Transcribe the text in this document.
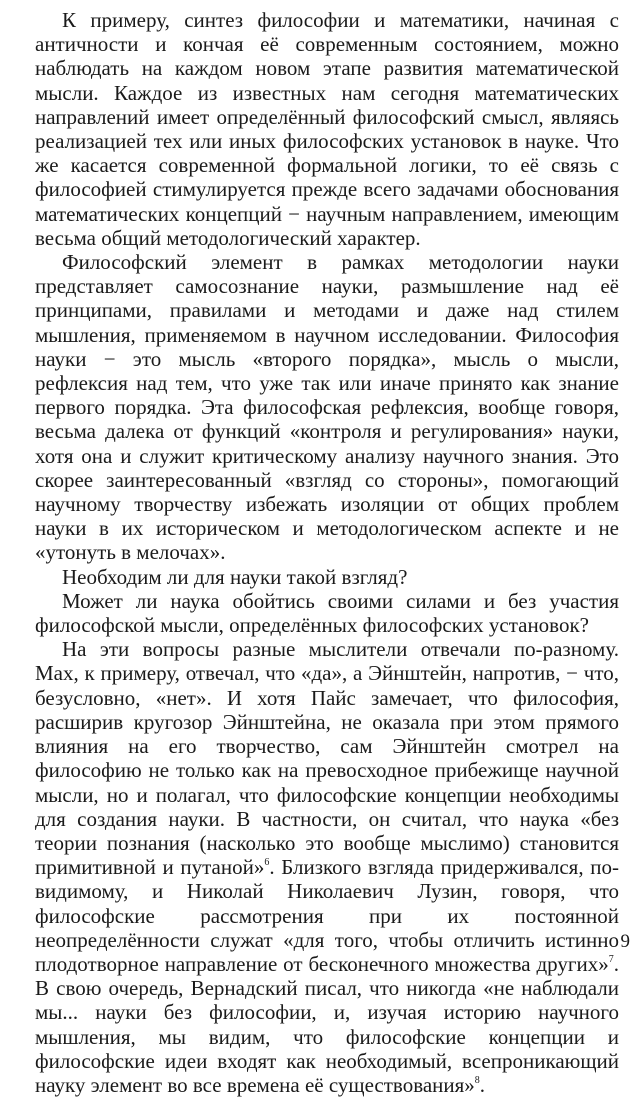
К примеру, синтез философии и математики, начиная с античности и кончая её современным состоянием, можно наблюдать на каждом новом этапе развития математической мысли. Каждое из известных нам сегодня математических направлений имеет определённый философский смысл, являясь реализацией тех или иных философских установок в науке. Что же касается современной формальной логики, то её связь с философией стимулируется прежде всего задачами обоснования математических концепций − научным направлением, имеющим весьма общий методологический характер.

Философский элемент в рамках методологии науки представляет самосознание науки, размышление над её принципами, правилами и методами и даже над стилем мышления, применяемом в научном исследовании. Философия науки − это мысль «второго порядка», мысль о мысли, рефлексия над тем, что уже так или иначе принято как знание первого порядка. Эта философская рефлексия, вообще говоря, весьма далека от функций «контроля и регулирования» науки, хотя она и служит критическому анализу научного знания. Это скорее заинтересованный «взгляд со стороны», помогающий научному творчеству избежать изоляции от общих проблем науки в их историческом и методологическом аспекте и не «утонуть в мелочах».

Необходим ли для науки такой взгляд?

Может ли наука обойтись своими силами и без участия философской мысли, определённых философских установок?

На эти вопросы разные мыслители отвечали по-разному. Мах, к примеру, отвечал, что «да», а Эйнштейн, напротив, − что, безусловно, «нет». И хотя Пайс замечает, что философия, расширив кругозор Эйнштейна, не оказала при этом прямого влияния на его творчество, сам Эйнштейн смотрел на философию не только как на превосходное прибежище научной мысли, но и полагал, что философские концепции необходимы для создания науки. В частности, он считал, что наука «без теории познания (насколько это вообще мыслимо) становится примитивной и путаной»$^6$. Близкого взгляда придерживался, по-видимому, и Николай Николаевич Лузин, говоря, что философские рассмотрения при их постоянной неопределённости служат «для того, чтобы отличить истинно плодотворное направление от бесконечного множества других»$^7$. В свою очередь, Вернадский писал, что никогда «не наблюдали мы... науки без философии, и, изучая историю научного мышления, мы видим, что философские концепции и философские идеи входят как необходимый, всепроникающий науку элемент во все времена её существования»$^8$.

9
